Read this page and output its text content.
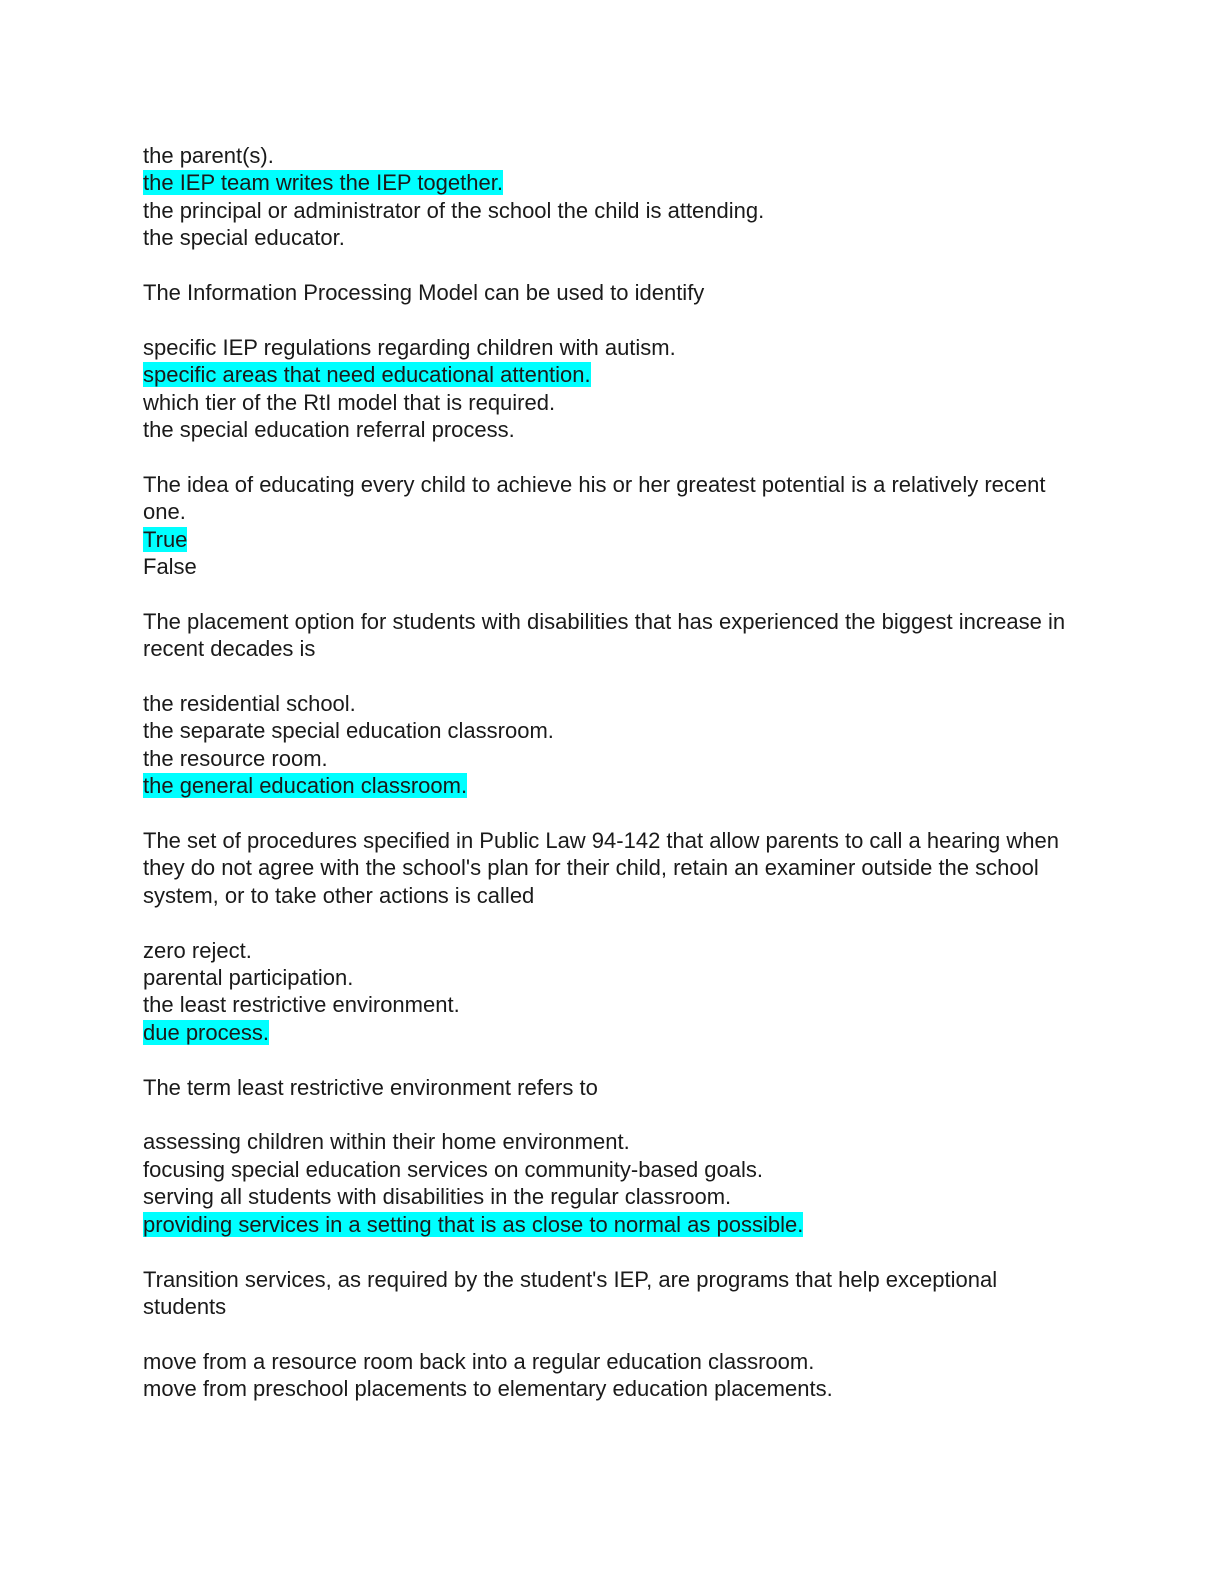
the parent(s).
the IEP team writes the IEP together.
the principal or administrator of the school the child is attending.
the special educator.
The Information Processing Model can be used to identify
specific IEP regulations regarding children with autism.
specific areas that need educational attention.
which tier of the RtI model that is required.
the special education referral process.
The idea of educating every child to achieve his or her greatest potential is a relatively recent one.
True
False
The placement option for students with disabilities that has experienced the biggest increase in recent decades is
the residential school.
the separate special education classroom.
the resource room.
the general education classroom.
The set of procedures specified in Public Law 94-142 that allow parents to call a hearing when they do not agree with the school's plan for their child, retain an examiner outside the school system, or to take other actions is called
zero reject.
parental participation.
the least restrictive environment.
due process.
The term least restrictive environment refers to
assessing children within their home environment.
focusing special education services on community-based goals.
serving all students with disabilities in the regular classroom.
providing services in a setting that is as close to normal as possible.
Transition services, as required by the student's IEP, are programs that help exceptional students
move from a resource room back into a regular education classroom.
move from preschool placements to elementary education placements.
